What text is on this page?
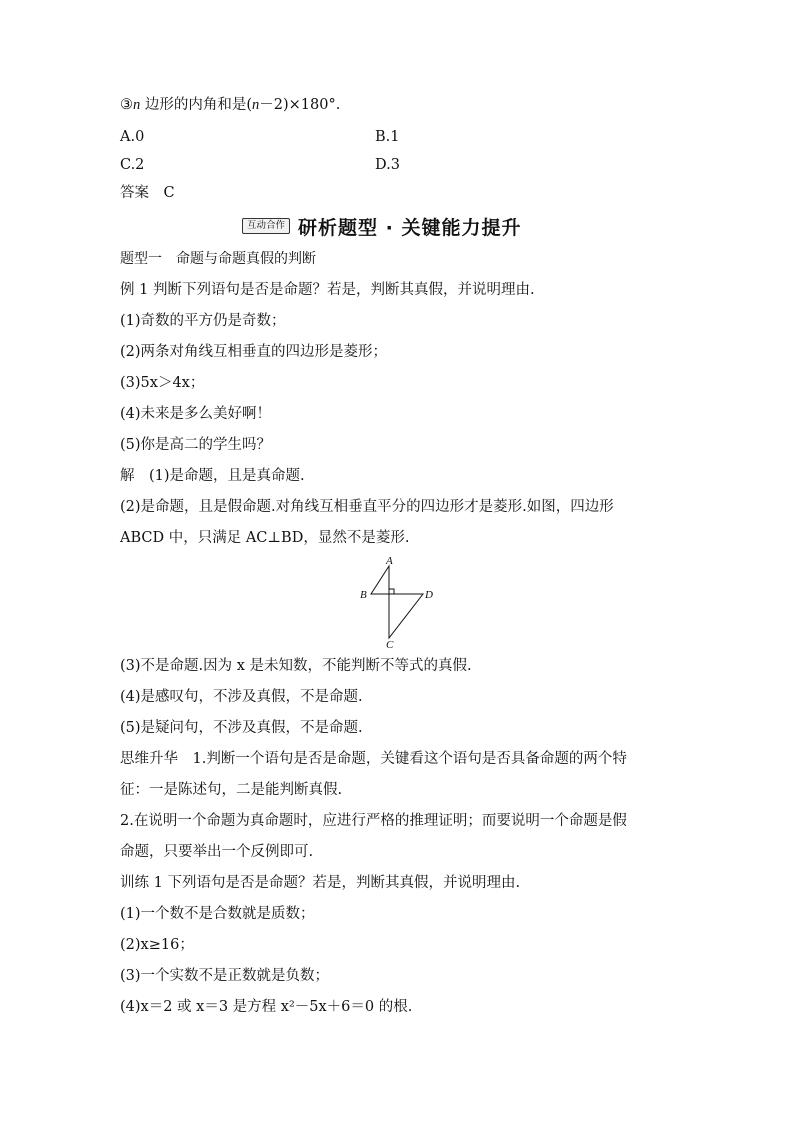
③n 边形的内角和是(n－2)×180°.
A.0	B.1
C.2	D.3
答案　C
互动合作 研析题型 · 关键能力提升
题型一　命题与命题真假的判断
例 1 判断下列语句是否是命题？若是，判断其真假，并说明理由.
(1)奇数的平方仍是奇数；
(2)两条对角线互相垂直的四边形是菱形；
(3)5x＞4x；
(4)未来是多么美好啊！
(5)你是高二的学生吗？
解　(1)是命题，且是真命题.
(2)是命题，且是假命题.对角线互相垂直平分的四边形才是菱形.如图，四边形
ABCD 中，只满足 AC⊥BD，显然不是菱形.
A
B	D
C
(3)不是命题.因为 x 是未知数，不能判断不等式的真假.
(4)是感叹句，不涉及真假，不是命题.
(5)是疑问句，不涉及真假，不是命题.
思维升华　1.判断一个语句是否是命题，关键看这个语句是否具备命题的两个特
征：一是陈述句，二是能判断真假.
2.在说明一个命题为真命题时，应进行严格的推理证明；而要说明一个命题是假
命题，只要举出一个反例即可.
训练 1 下列语句是否是命题？若是，判断其真假，并说明理由.
(1)一个数不是合数就是质数；
(2)x≥16；
(3)一个实数不是正数就是负数；
(4)x＝2 或 x＝3 是方程 x²－5x＋6＝0 的根.
